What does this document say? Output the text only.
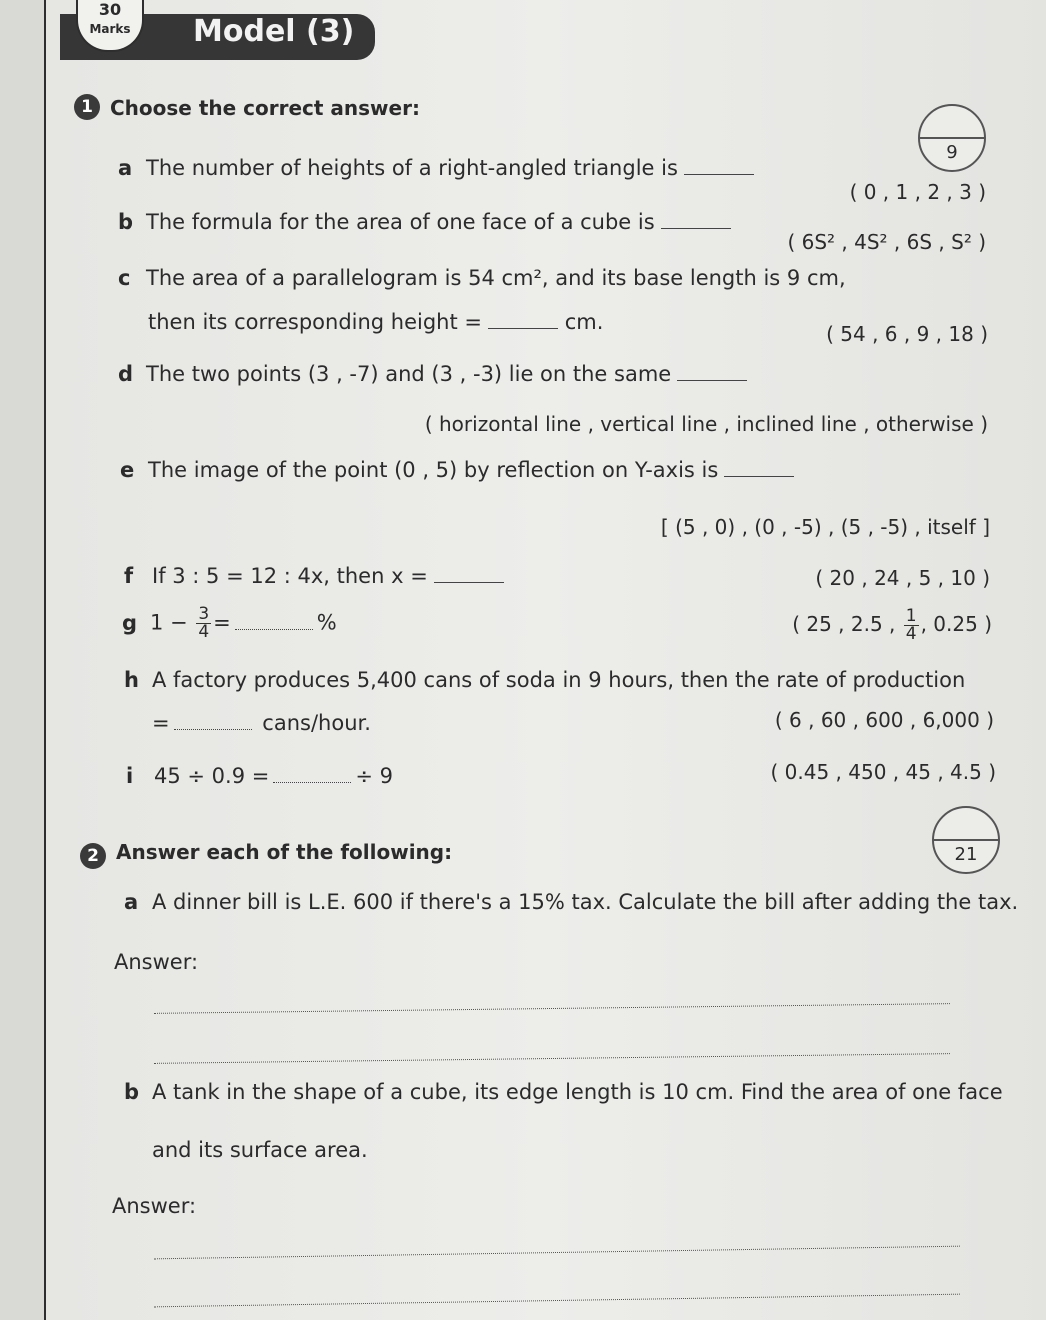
Model (3)
30
Marks
1 Choose the correct answer:
9
a The number of heights of a right-angled triangle is
( 0 , 1 , 2 , 3 )
b The formula for the area of one face of a cube is
( 6S² , 4S² , 6S , S² )
c The area of a parallelogram is 54 cm², and its base length is 9 cm,
then its corresponding height =	cm.	( 54 , 6 , 9 , 18 )
d The two points (3 , -7) and (3 , -3) lie on the same
( horizontal line , vertical line , inclined line , otherwise )
e The image of the point (0 , 5) by reflection on Y-axis is
[ (5 , 0) , (0 , -5) , (5 , -5) , itself ]
f If 3 : 5 = 12 : 4x, then x =	( 20 , 24 , 5 , 10 )
g $1 - \frac{3}{4}$ =	%	( 25 , 2.5 , $\frac{1}{4}$ , 0.25 )
h A factory produces 5,400 cans of soda in 9 hours, then the rate of production
=	cans/hour.	( 6 , 60 , 600 , 6,000 )
i 45 ÷ 0.9 =	÷ 9	( 0.45 , 450 , 45 , 4.5 )
2 Answer each of the following:	21
a A dinner bill is L.E. 600 if there's a 15% tax. Calculate the bill after adding the tax.
Answer:
b A tank in the shape of a cube, its edge length is 10 cm. Find the area of one face
and its surface area.
Answer:
